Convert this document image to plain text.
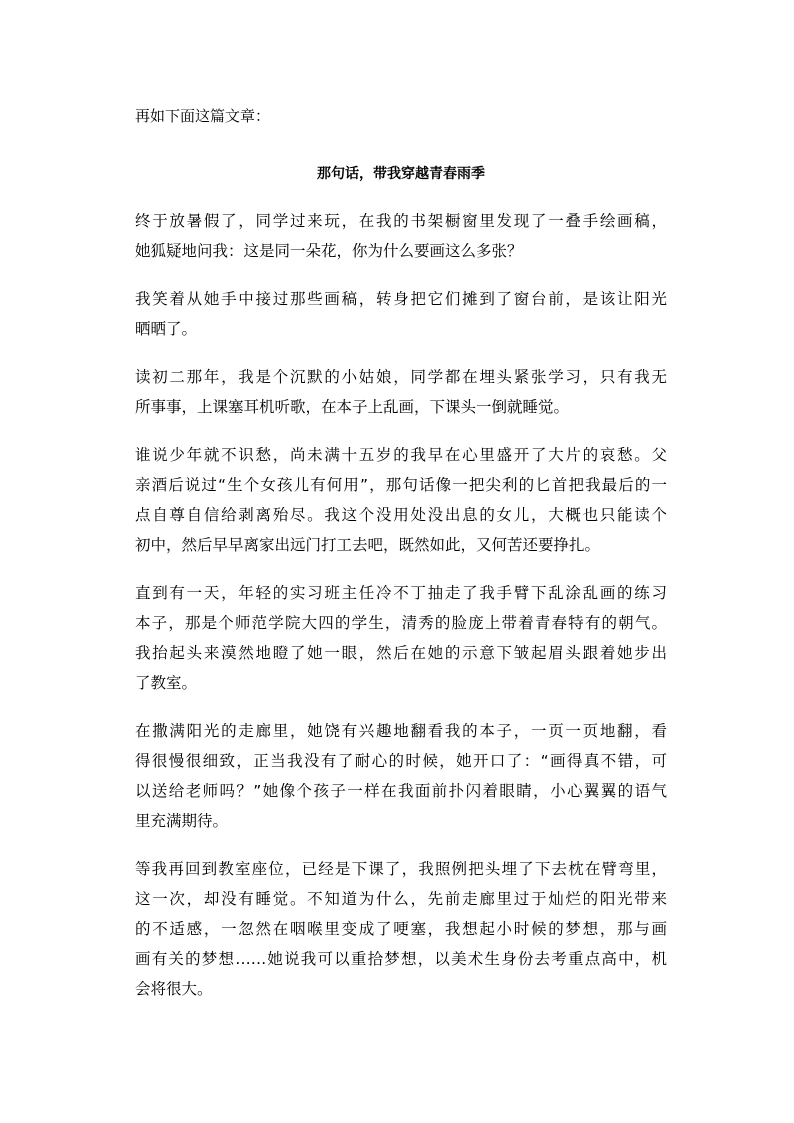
再如下面这篇文章：
那句话，带我穿越青春雨季
终于放暑假了，同学过来玩，在我的书架橱窗里发现了一叠手绘画稿，
她狐疑地问我：这是同一朵花，你为什么要画这么多张？
我笑着从她手中接过那些画稿，转身把它们摊到了窗台前，是该让阳光
晒晒了。
读初二那年，我是个沉默的小姑娘，同学都在埋头紧张学习，只有我无
所事事，上课塞耳机听歌，在本子上乱画，下课头一倒就睡觉。
谁说少年就不识愁，尚未满十五岁的我早在心里盛开了大片的哀愁。父
亲酒后说过“生个女孩儿有何用”，那句话像一把尖利的匕首把我最后的一
点自尊自信给剥离殆尽。我这个没用处没出息的女儿，大概也只能读个
初中，然后早早离家出远门打工去吧，既然如此，又何苦还要挣扎。
直到有一天，年轻的实习班主任冷不丁抽走了我手臂下乱涂乱画的练习
本子，那是个师范学院大四的学生，清秀的脸庞上带着青春特有的朝气。
我抬起头来漠然地瞪了她一眼，然后在她的示意下皱起眉头跟着她步出
了教室。
在撒满阳光的走廊里，她饶有兴趣地翻看我的本子，一页一页地翻，看
得很慢很细致，正当我没有了耐心的时候，她开口了：“画得真不错，可
以送给老师吗？”她像个孩子一样在我面前扑闪着眼睛，小心翼翼的语气
里充满期待。
等我再回到教室座位，已经是下课了，我照例把头埋了下去枕在臂弯里，
这一次，却没有睡觉。不知道为什么，先前走廊里过于灿烂的阳光带来
的不适感，一忽然在咽喉里变成了哽塞，我想起小时候的梦想，那与画
画有关的梦想……她说我可以重拾梦想，以美术生身份去考重点高中，机
会将很大。
